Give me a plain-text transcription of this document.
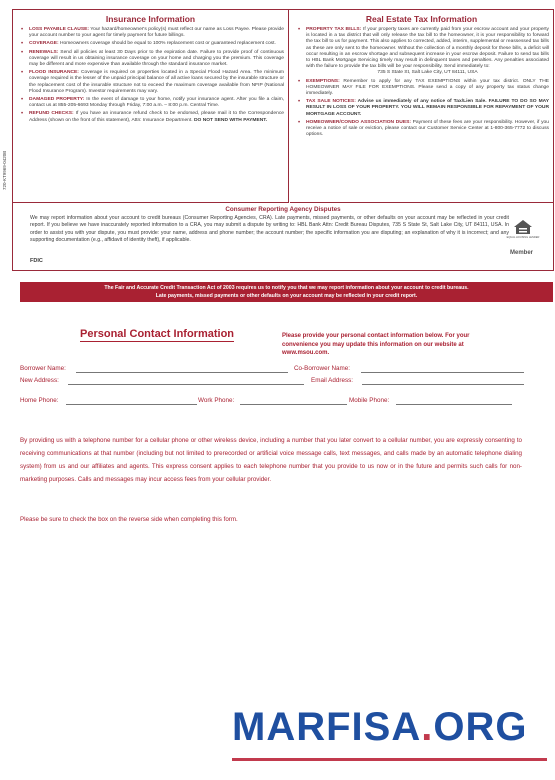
720-KT9969-0420B
Insurance Information
• LOSS PAYABLE CLAUSE: Your hazard/homeowner's policy(s) must reflect our name as Loss Payee. Please provide your account number to your agent for timely payment for future billings.
• COVERAGE: Homeowners coverage should be equal to 100% replacement cost or guaranteed replacement cost.
• RENEWALS: Send all policies at least 30 Days prior to the expiration date. Failure to provide proof of continuous coverage will result in us obtaining insurance coverage on your home and charging you the premium. This coverage may be different and more expensive than available through the standard insurance market.
• FLOOD INSURANCE: Coverage is required on properties located in a Special Flood Hazard Area. The minimum coverage required is the lesser of the unpaid principal balance of all active loans secured by the insurable structure or the replacement cost of the insurable structure not to exceed the maximum coverage available from NFIP (National Flood Insurance Program). Investor requirements may vary.
• DAMAGED PROPERTY: In the event of damage to your home, notify your insurance agent. After you file a claim, contact us at 855-205-6693 Monday through Friday, 7:00 a.m. – 8:00 p.m. Central Time.
• REFUND CHECKS: If you have an insurance refund check to be endorsed, please mail it to the Correspondence Address (shown on the front of this statement), Attn: Insurance Department. DO NOT SEND WITH PAYMENT.
Real Estate Tax Information
• PROPERTY TAX BILLS: If your property taxes are currently paid from your escrow account and your property is located in a tax district that will only release the tax bill to the homeowner, it is your responsibility to forward the tax bill to us for payment. This also applies to corrected, added, interim, supplemental or reassessed tax bills as these are only sent to the homeowner. Without the collection of a monthly deposit for these bills, a deficit will occur resulting in an escrow shortage and subsequent increase in your escrow deposit. Failure to send tax bills to HBL Bank Mortgage Servicing timely may result in delinquent taxes and penalties. Any penalties associated with the failure to provide the tax bills will be your responsibility. Send immediately to:

735 S State St, Salt Lake City, UT 84111, USA
• EXEMPTIONS: Remember to apply for any TAX EXEMPTIONS within your tax district. ONLY THE HOMEOWNER MAY FILE FOR EXEMPTIONS. Please send a copy of any property tax status change immediately.
• TAX SALE NOTICES: Advise us immediately of any notice of Tax/Lien Sale. FAILURE TO DO SO MAY RESULT IN LOSS OF YOUR PROPERTY. YOU WILL REMAIN RESPONSIBLE FOR REPAYMENT OF YOUR MORTGAGE ACCOUNT.
• HOMEOWNER/CONDO ASSOCIATION DUES: Payment of these fees are your responsibility. However, if you receive a notice of sale or eviction, please contact our Customer Service Center at 1-800-365-7772 to discuss options.
Consumer Reporting Agency Disputes
We may report information about your account to credit bureaus (Consumer Reporting Agencies, CRA). Late payments, missed payments, or other defaults on your account may be reflected in your credit report. If you believe we have inaccurately reported information to a CRA, you may submit a dispute by writing to: HBL Bank Attn: Credit Bureau Disputes, 735 S State St, Salt Lake City, UT 84111, USA. In order to assist you with your dispute, you must provide: your name, address and phone number; the account number; the specific information you are disputing; an explanation of why it is incorrect; and any supporting documentation (e.g., affidavit of identity theft), if applicable.
FDIC
EQUAL HOUSING LENDER
Member
The Fair and Accurate Credit Transaction Act of 2003 requires us to notify you that we may report information about your account to credit bureaus.
Late payments, missed payments or other defaults on your account may be reflected in your credit report.
Personal Contact Information	Please provide your personal contact information below. For your convenience you may update this information on our website at www.msou.com.
Borrower Name:	Co-Borrower Name:
New Address:	Email Address:
Home Phone:	Work Phone:	Mobile Phone:
By providing us with a telephone number for a cellular phone or other wireless device, including a number that you later convert to a cellular number, you are expressly consenting to receiving communications at that number (including but not limited to prerecorded or artificial voice message calls, text messages, and calls made by an automatic telephone dialing system) from us and our affiliates and agents. This express consent applies to each telephone number that you provide to us now or in the future and permits such calls for non-marketing purposes. Calls and messages may incur access fees from your cellular provider.
Please be sure to check the box on the reverse side when completing this form.
MARFISA.ORG
